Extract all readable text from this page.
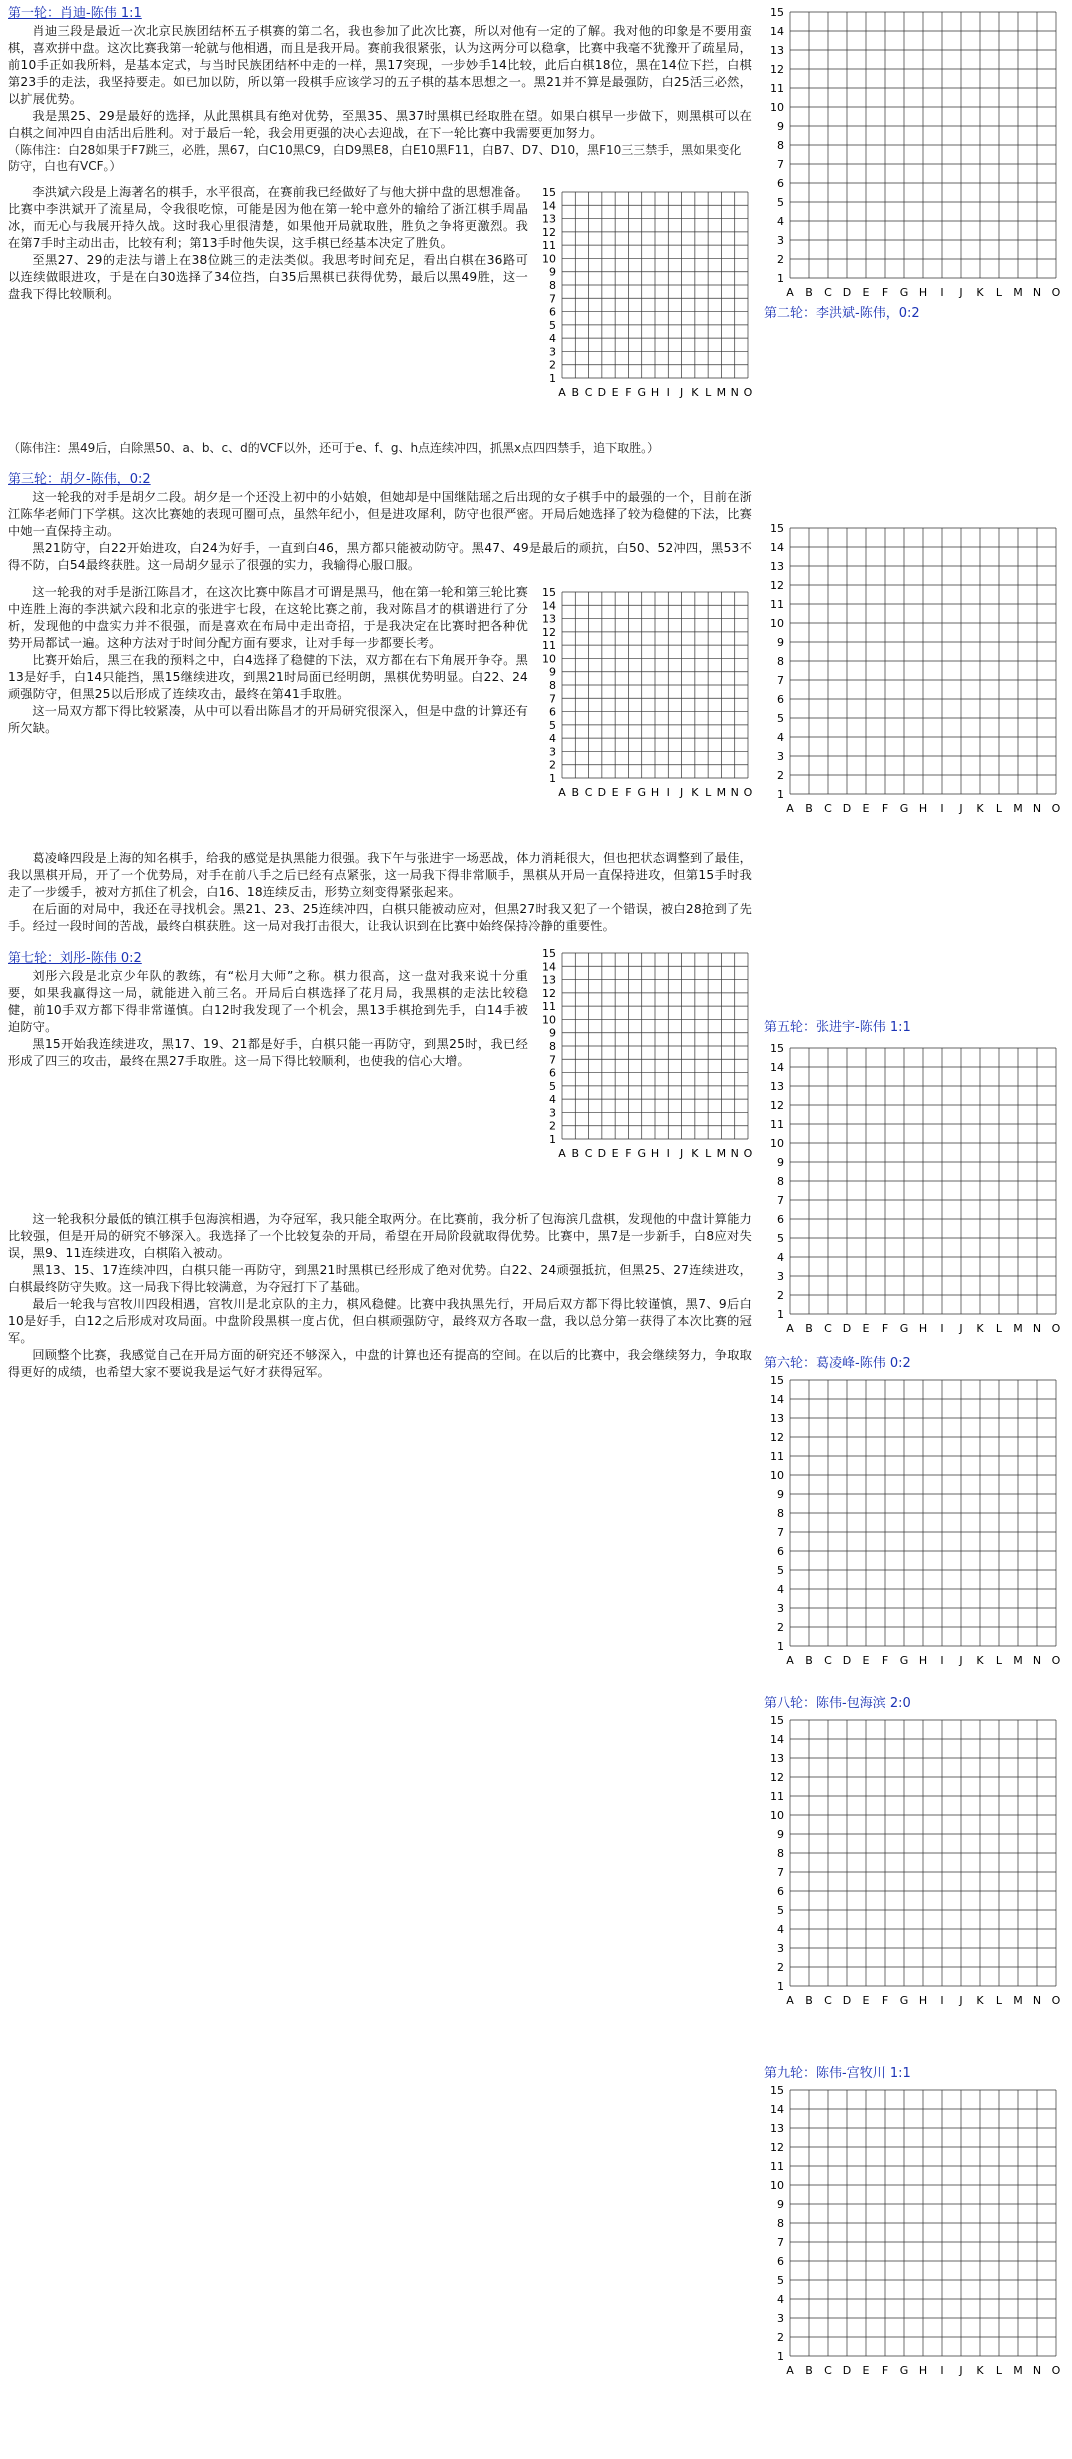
第一轮：肖迪-陈伟 1:1

肖迪三段是最近一次北京民族团结杯五子棋赛的第二名，我也参加了此次比赛，所以对他有一定的了解。我对他的印象是不要用蛮棋，喜欢拼中盘。这次比赛我第一轮就与他相遇，而且是我开局。赛前我很紧张，认为这两分可以稳拿，比赛中我毫不犹豫开了疏星局，前10手正如我所料，是基本定式，与当时民族团结杯中走的一样，黑17突现，一步妙手14比较，此后白棋18位，黑在14位下拦，白棋第23手的走法，我坚持要走。如已加以防，所以第一段棋手应该学习的五子棋的基本思想之一。黑21并不算是最强防，白25活三必然，以扩展优势。

我是黑25、29是最好的选择，从此黑棋具有绝对优势，至黑35、黑37时黑棋已经取胜在望。如果白棋早一步做下，则黑棋可以在白棋之间冲四自由活出后胜利。对于最后一轮，我会用更强的决心去迎战，在下一轮比赛中我需要更加努力。

（陈伟注：白28如果于F7跳三，必胜，黑67，白C10黑C9，白D9黑E8，白E10黑F11，白B7、D7、D10，黑F10三三禁手，黑如果变化防守，白也有VCF。）

15
A
14
B
13
C
12
D
11
E
10
F
9
G
8
H
7
I
6
J
5
K
4
L
3
M
2
N
1
O

李洪斌六段是上海著名的棋手，水平很高，在赛前我已经做好了与他大拼中盘的思想准备。比赛中李洪斌开了流星局，令我很吃惊，可能是因为他在第一轮中意外的输给了浙江棋手周晶冰，而无心与我展开持久战。这时我心里很清楚，如果他开局就取胜，胜负之争将更激烈。我在第7手时主动出击，比较有利；第13手时他失误，这手棋已经基本决定了胜负。

至黑27、29的走法与谱上在38位跳三的走法类似。我思考时间充足，看出白棋在36路可以连续做眼进攻，于是在白30选择了34位挡，白35后黑棋已获得优势，最后以黑49胜，这一盘我下得比较顺利。

（陈伟注：黑49后，白除黑50、a、b、c、d的VCF以外，还可于e、f、g、h点连续冲四，抓黑x点四四禁手，追下取胜。）

第三轮：胡夕-陈伟，0:2

这一轮我的对手是胡夕二段。胡夕是一个还没上初中的小姑娘，但她却是中国继陆瑶之后出现的女子棋手中的最强的一个，目前在浙江陈华老师门下学棋。这次比赛她的表现可圈可点，虽然年纪小，但是进攻犀利，防守也很严密。开局后她选择了较为稳健的下法，比赛中她一直保持主动。

黑21防守，白22开始进攻，白24为好手，一直到白46，黑方都只能被动防守。黑47、49是最后的顽抗，白50、52冲四，黑53不得不防，白54最终获胜。这一局胡夕显示了很强的实力，我输得心服口服。

15
A
14
B
13
C
12
D
11
E
10
F
9
G
8
H
7
I
6
J
5
K
4
L
3
M
2
N
1
O

这一轮我的对手是浙江陈昌才，在这次比赛中陈昌才可谓是黑马，他在第一轮和第三轮比赛中连胜上海的李洪斌六段和北京的张进宇七段，在这轮比赛之前，我对陈昌才的棋谱进行了分析，发现他的中盘实力并不很强，而是喜欢在布局中走出奇招，于是我决定在比赛时把各种优势开局都试一遍。这种方法对于时间分配方面有要求，让对手每一步都要长考。

比赛开始后，黑三在我的预料之中，白4选择了稳健的下法，双方都在右下角展开争夺。黑13是好手，白14只能挡，黑15继续进攻，到黑21时局面已经明朗，黑棋优势明显。白22、24顽强防守，但黑25以后形成了连续攻击，最终在第41手取胜。

这一局双方都下得比较紧凑，从中可以看出陈昌才的开局研究很深入，但是中盘的计算还有所欠缺。

葛凌峰四段是上海的知名棋手，给我的感觉是执黑能力很强。我下午与张进宇一场恶战，体力消耗很大，但也把状态调整到了最佳，我以黑棋开局，开了一个优势局，对手在前八手之后已经有点紧张，这一局我下得非常顺手，黑棋从开局一直保持进攻，但第15手时我走了一步缓手，被对方抓住了机会，白16、18连续反击，形势立刻变得紧张起来。

在后面的对局中，我还在寻找机会。黑21、23、25连续冲四，白棋只能被动应对，但黑27时我又犯了一个错误，被白28抢到了先手。经过一段时间的苦战，最终白棋获胜。这一局对我打击很大，让我认识到在比赛中始终保持冷静的重要性。

第七轮：刘彤-陈伟 0:2	15
A
14
B
13
C
12
D
11
E
10
F
9
G
8
H
7
I
6
J
5
K
4
L
3
M
2
N
1
O

刘彤六段是北京少年队的教练，有“松月大师”之称。棋力很高，这一盘对我来说十分重要，如果我赢得这一局，就能进入前三名。开局后白棋选择了花月局，我黑棋的走法比较稳健，前10手双方都下得非常谨慎。白12时我发现了一个机会，黑13手棋抢到先手，白14手被迫防守。

黑15开始我连续进攻，黑17、19、21都是好手，白棋只能一再防守，到黑25时，我已经形成了四三的攻击，最终在黑27手取胜。这一局下得比较顺利，也使我的信心大增。

这一轮我积分最低的镇江棋手包海滨相遇，为夺冠军，我只能全取两分。在比赛前，我分析了包海滨几盘棋，发现他的中盘计算能力比较强，但是开局的研究不够深入。我选择了一个比较复杂的开局，希望在开局阶段就取得优势。比赛中，黑7是一步新手，白8应对失误，黑9、11连续进攻，白棋陷入被动。

黑13、15、17连续冲四，白棋只能一再防守，到黑21时黑棋已经形成了绝对优势。白22、24顽强抵抗，但黑25、27连续进攻，白棋最终防守失败。这一局我下得比较满意，为夺冠打下了基础。

最后一轮我与宫牧川四段相遇，宫牧川是北京队的主力，棋风稳健。比赛中我执黑先行，开局后双方都下得比较谨慎，黑7、9后白10是好手，白12之后形成对攻局面。中盘阶段黑棋一度占优，但白棋顽强防守，最终双方各取一盘，我以总分第一获得了本次比赛的冠军。

回顾整个比赛，我感觉自己在开局方面的研究还不够深入，中盘的计算也还有提高的空间。在以后的比赛中，我会继续努力，争取取得更好的成绩，也希望大家不要说我是运气好才获得冠军。

15
A
14
B
13
C
12
D
11
E
10
F
9
G
8
H
7
I
6
J
5
K
4
L
3
M
2
N
1
O
第二轮：李洪斌-陈伟，0:2
15
A
14
B
13
C
12
D
11
E
10
F
9
G
8
H
7
I
6
J
5
K
4
L
3
M
2
N
1
O
第五轮：张进宇-陈伟 1:1
15
A
14
B
13
C
12
D
11
E
10
F
9
G
8
H
7
I
6
J
5
K
4
L
3
M
2
N
1
O
第六轮：葛凌峰-陈伟 0:2
15
A
14
B
13
C
12
D
11
E
10
F
9
G
8
H
7
I
6
J
5
K
4
L
3
M
2
N
1
O
第八轮：陈伟-包海滨 2:0
15
A
14
B
13
C
12
D
11
E
10
F
9
G
8
H
7
I
6
J
5
K
4
L
3
M
2
N
1
O
第九轮：陈伟-宫牧川 1:1
15
A
14
B
13
C
12
D
11
E
10
F
9
G
8
H
7
I
6
J
5
K
4
L
3
M
2
N
1
O
